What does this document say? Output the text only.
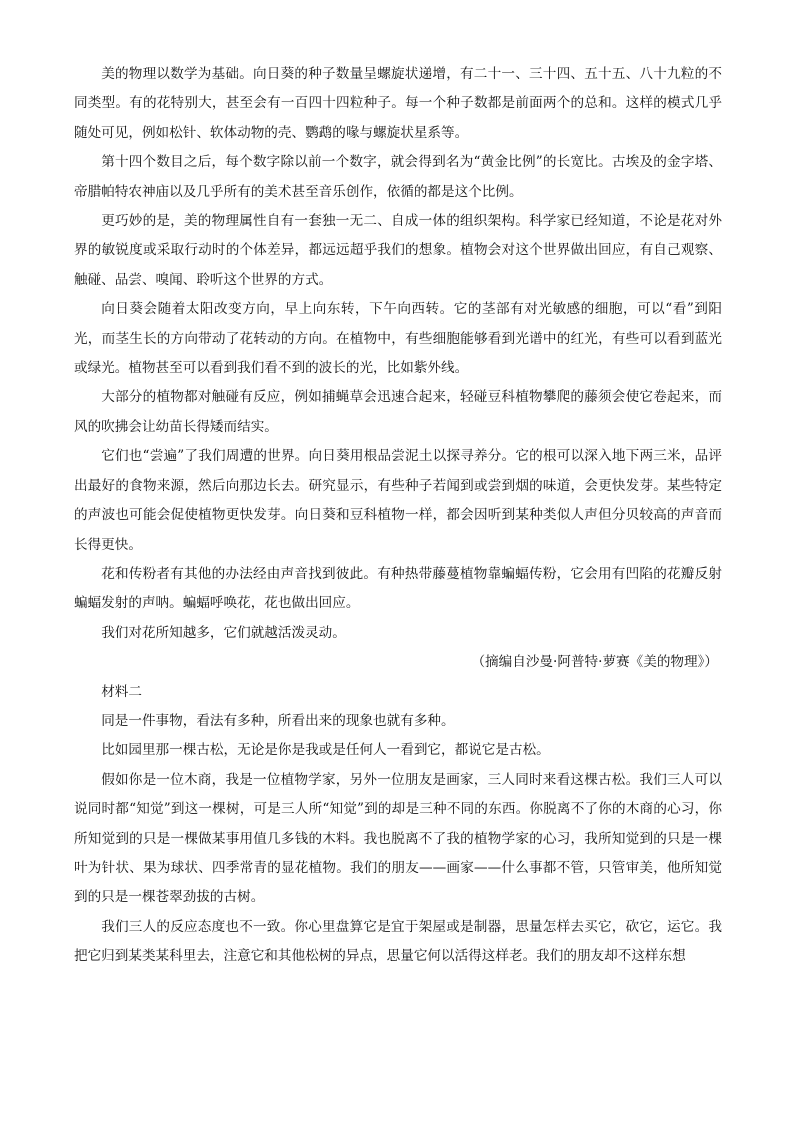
美的物理以数学为基础。向日葵的种子数量呈螺旋状递增，有二十一、三十四、五十五、八十九粒的不同类型。有的花特别大，甚至会有一百四十四粒种子。每一个种子数都是前面两个的总和。这样的模式几乎随处可见，例如松针、软体动物的壳、鹦鹉的喙与螺旋状星系等。

第十四个数目之后，每个数字除以前一个数字，就会得到名为“黄金比例”的长宽比。古埃及的金字塔、帝腊帕特农神庙以及几乎所有的美术甚至音乐创作，依循的都是这个比例。

更巧妙的是，美的物理属性自有一套独一无二、自成一体的组织架构。科学家已经知道，不论是花对外界的敏锐度或采取行动时的个体差异，都远远超乎我们的想象。植物会对这个世界做出回应，有自己观察、触碰、品尝、嗅闻、聆听这个世界的方式。

向日葵会随着太阳改变方向，早上向东转，下午向西转。它的茎部有对光敏感的细胞，可以“看”到阳光，而茎生长的方向带动了花转动的方向。在植物中，有些细胞能够看到光谱中的红光，有些可以看到蓝光或绿光。植物甚至可以看到我们看不到的波长的光，比如紫外线。

大部分的植物都对触碰有反应，例如捕蝇草会迅速合起来，轻碰豆科植物攀爬的藤须会使它卷起来，而风的吹拂会让幼苗长得矮而结实。

它们也“尝遍”了我们周遭的世界。向日葵用根品尝泥土以探寻养分。它的根可以深入地下两三米，品评出最好的食物来源，然后向那边长去。研究显示，有些种子若闻到或尝到烟的味道，会更快发芽。某些特定的声波也可能会促使植物更快发芽。向日葵和豆科植物一样，都会因听到某种类似人声但分贝较高的声音而长得更快。

花和传粉者有其他的办法经由声音找到彼此。有种热带藤蔓植物靠蝙蝠传粉，它会用有凹陷的花瓣反射蝙蝠发射的声呐。蝙蝠呼唤花，花也做出回应。

我们对花所知越多，它们就越活泼灵动。

（摘编自沙曼·阿普特·萝赛《美的物理》）

材料二

同是一件事物，看法有多种，所看出来的现象也就有多种。

比如园里那一棵古松，无论是你是我或是任何人一看到它，都说它是古松。

假如你是一位木商，我是一位植物学家，另外一位朋友是画家，三人同时来看这棵古松。我们三人可以说同时都“知觉”到这一棵树，可是三人所“知觉”到的却是三种不同的东西。你脱离不了你的木商的心习，你所知觉到的只是一棵做某事用值几多钱的木料。我也脱离不了我的植物学家的心习，我所知觉到的只是一棵叶为针状、果为球状、四季常青的显花植物。我们的朋友——画家——什么事都不管，只管审美，他所知觉到的只是一棵苍翠劲拔的古树。

我们三人的反应态度也不一致。你心里盘算它是宜于架屋或是制器，思量怎样去买它，砍它，运它。我把它归到某类某科里去，注意它和其他松树的异点，思量它何以活得这样老。我们的朋友却不这样东想
